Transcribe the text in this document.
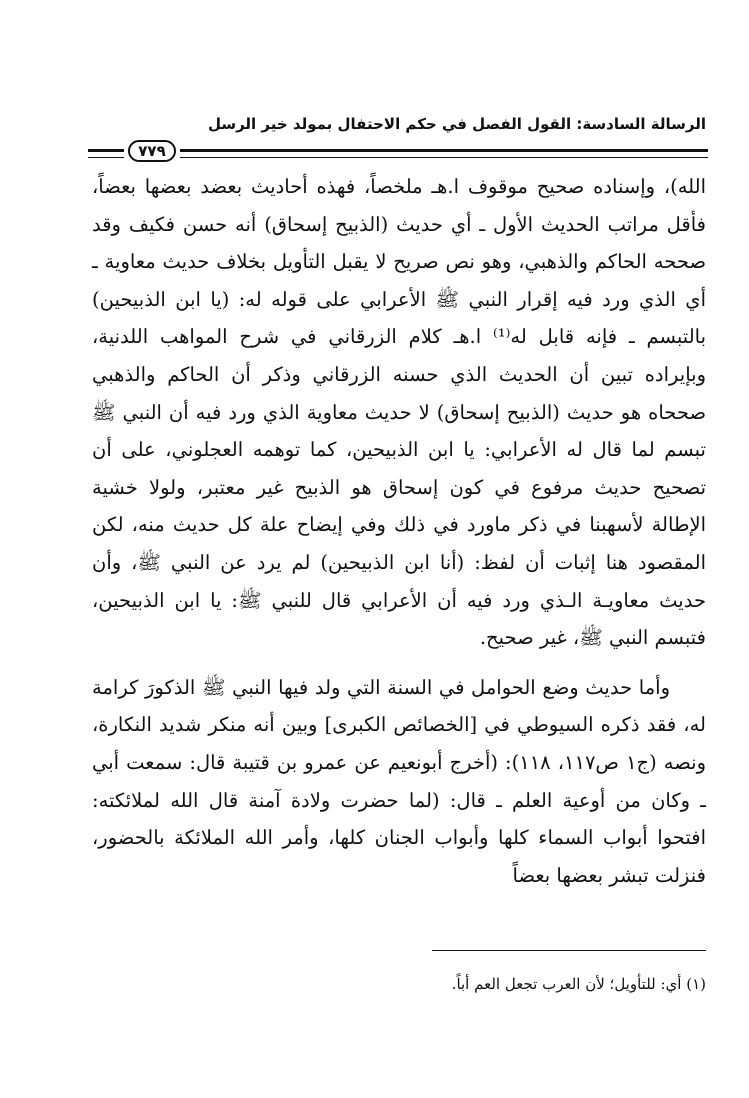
الرسالة السادسة: القول الفصل في حكم الاحتفال بمولد خير الرسل
٧٧٩

الله)، وإسناده صحيح موقوف ا.هـ ملخصاً، فهذه أحاديث بعضد بعضها بعضاً، فأقل مراتب الحديث الأول ـ أي حديث (الذبيح إسحاق) أنه حسن فكيف وقد صححه الحاكم والذهبي، وهو نص صريح لا يقبل التأويل بخلاف حديث معاوية ـ أي الذي ورد فيه إقرار النبي ﷺ الأعرابي على قوله له: (يا ابن الذبيحين) بالتبسم ـ فإنه قابل له⁽¹⁾ ا.هـ كلام الزرقاني في شرح المواهب اللدنية، وبإيراده تبين أن الحديث الذي حسنه الزرقاني وذكر أن الحاكم والذهبي صححاه هو حديث (الذبيح إسحاق) لا حديث معاوية الذي ورد فيه أن النبي ﷺ تبسم لما قال له الأعرابي: يا ابن الذبيحين، كما توهمه العجلوني، على أن تصحيح حديث مرفوع في كون إسحاق هو الذبيح غير معتبر، ولولا خشية الإطالة لأسهبنا في ذكر ماورد في ذلك وفي إيضاح علة كل حديث منه، لكن المقصود هنا إثبات أن لفظ: (أنا ابن الذبيحين) لم يرد عن النبي ﷺ، وأن حديث معاويـة الـذي ورد فيه أن الأعرابي قال للنبي ﷺ: يا ابن الذبيحين، فتبسم النبي ﷺ، غير صحيح.

وأما حديث وضع الحوامل في السنة التي ولد فيها النبي ﷺ الذكورَ كرامة له، فقد ذكره السيوطي في [الخصائص الكبرى] وبين أنه منكر شديد النكارة، ونصه (ج١ ص١١٧، ١١٨): (أخرج أبونعيم عن عمرو بن قتيبة قال: سمعت أبي ـ وكان من أوعية العلم ـ قال: (لما حضرت ولادة آمنة قال الله لملائكته: افتحوا أبواب السماء كلها وأبواب الجنان كلها، وأمر الله الملائكة بالحضور، فنزلت تبشر بعضها بعضاً

(١) أي: للتأويل؛ لأن العرب تجعل العم أباً.
